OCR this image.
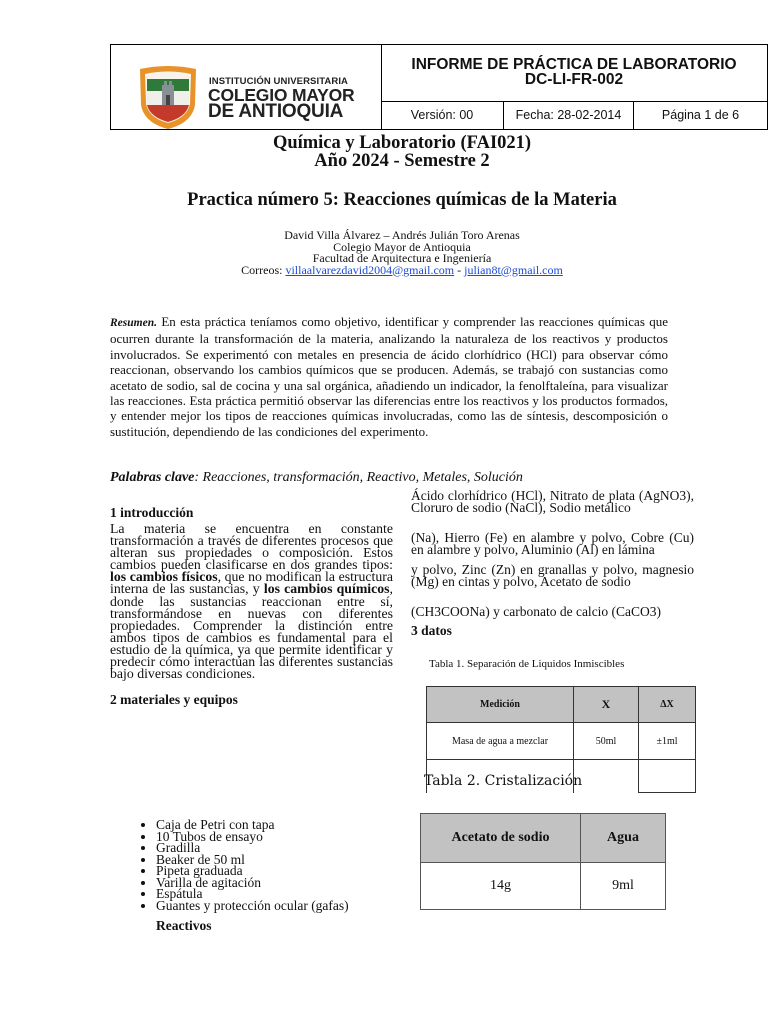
INSTITUCIÓN UNIVERSITARIA
COLEGIO MAYOR
DE ANTIOQUIA
INFORME DE PRÁCTICA DE LABORATORIO
DC-LI-FR-002
Versión: 00	Fecha: 28-02-2014	Página 1 de 6
Química y Laboratorio (FAI021)
Año 2024 - Semestre 2
Practica número 5: Reacciones químicas de la Materia
David Villa Álvarez – Andrés Julián Toro Arenas
Colegio Mayor de Antioquia
Facultad de Arquitectura e Ingeniería
Correos: villaalvarezdavid2004@gmail.com - julian8t@gmail.com
Resumen. En esta práctica teníamos como objetivo, identificar y comprender las reacciones químicas que ocurren durante la transformación de la materia, analizando la naturaleza de los reactivos y productos involucrados. Se experimentó con metales en presencia de ácido clorhídrico (HCl) para observar cómo reaccionan, observando los cambios químicos que se producen. Además, se trabajó con sustancias como acetato de sodio, sal de cocina y una sal orgánica, añadiendo un indicador, la fenolftaleína, para visualizar las reacciones. Esta práctica permitió observar las diferencias entre los reactivos y los productos formados, y entender mejor los tipos de reacciones químicas involucradas, como las de síntesis, descomposición o sustitución, dependiendo de las condiciones del experimento.
Palabras clave: Reacciones, transformación, Reactivo, Metales, Solución
1 introducción
La materia se encuentra en constante transformación a través de diferentes procesos que alteran sus propiedades o composición. Estos cambios pueden clasificarse en dos grandes tipos: los cambios físicos, que no modifican la estructura interna de las sustancias, y los cambios químicos, donde las sustancias reaccionan entre sí, transformándose en nuevas con diferentes propiedades. Comprender la distinción entre ambos tipos de cambios es fundamental para el estudio de la química, ya que permite identificar y predecir cómo interactúan las diferentes sustancias bajo diversas condiciones.
2 materiales y equipos
Ácido clorhídrico (HCl), Nitrato de plata (AgNO3), Cloruro de sodio (NaCl), Sodio metálico
(Na), Hierro (Fe) en alambre y polvo, Cobre (Cu) en alambre y polvo, Aluminio (Al) en lámina
y polvo, Zinc (Zn) en granallas y polvo, magnesio (Mg) en cintas y polvo, Acetato de sodio
(CH3COONa) y carbonato de calcio (CaCO3)
3 datos
Tabla 1. Separación de Liquidos Inmiscibles
Medición	X	ΔX
Masa de agua a mezclar	50ml	±1ml

Tabla 2. Cristalización
Acetato de sodio	Agua
14g	9ml
• Caja de Petri con tapa
• 10 Tubos de ensayo
• Gradilla
• Beaker de 50 ml
• Pipeta graduada
• Varilla de agitación
• Espátula
• Guantes y protección ocular (gafas)
Reactivos
